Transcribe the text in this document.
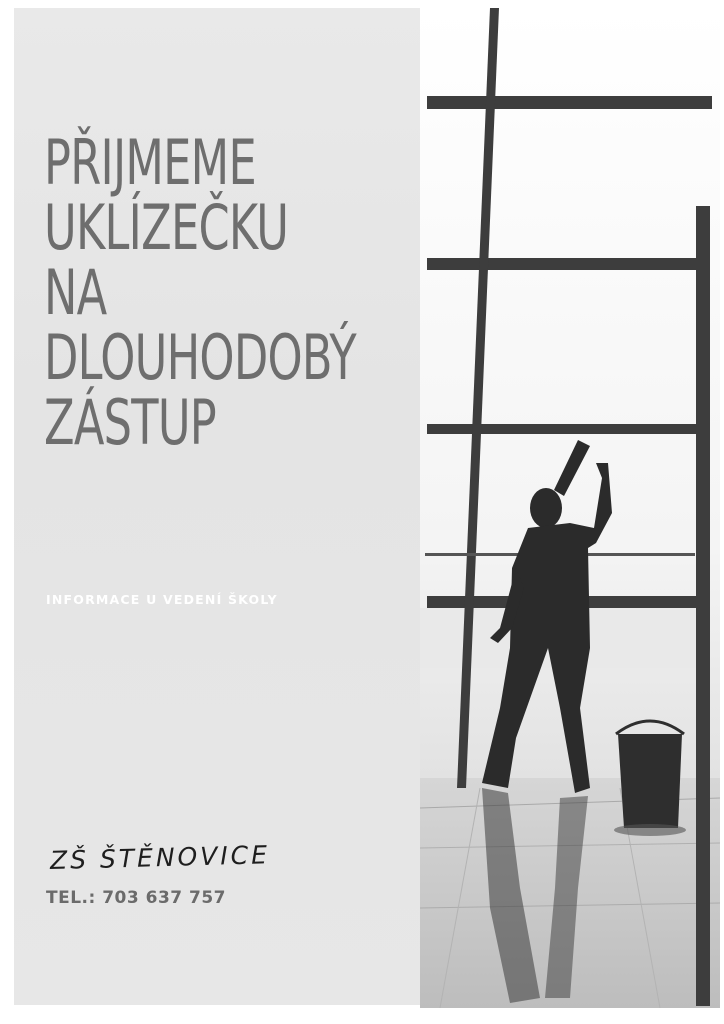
PŘIJMEME
UKLÍZEČKU
NA
DLOUHODOBÝ
ZÁSTUP
INFORMACE U VEDENÍ ŠKOLY
ZŠ ŠTĚNOVICE
TEL.: 703 637 757
